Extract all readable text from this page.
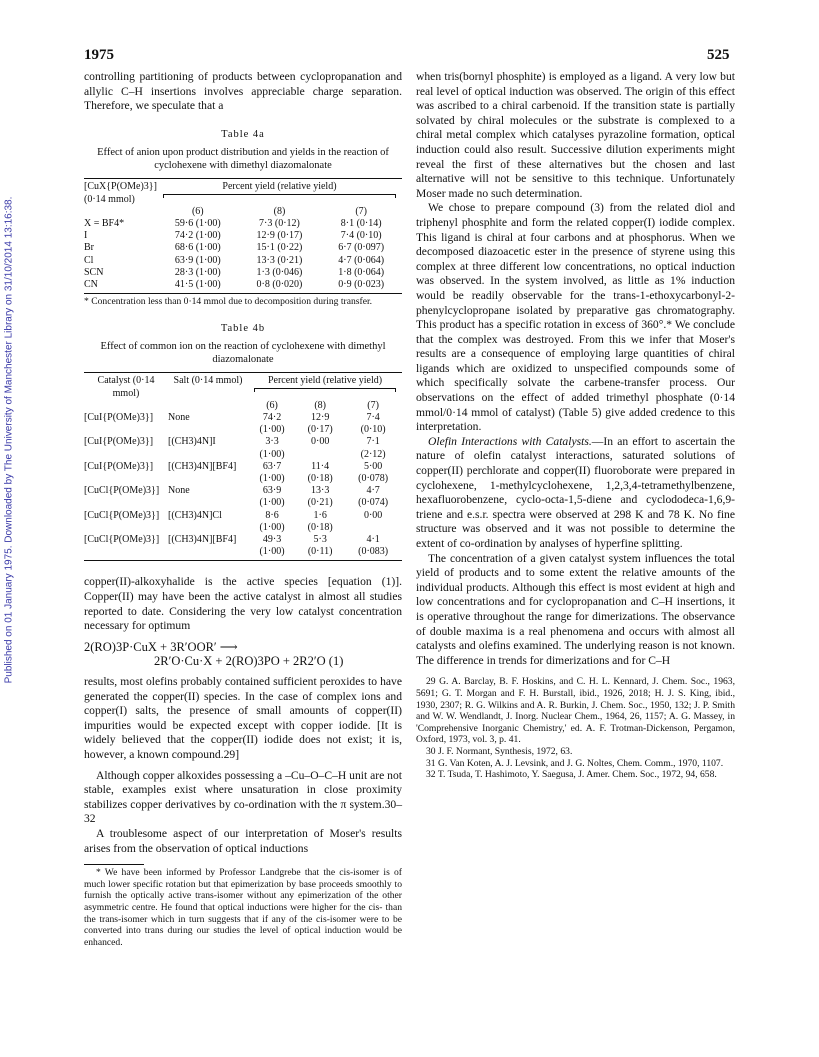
1975	525
Published on 01 January 1975. Downloaded by The University of Manchester Library on 31/10/2014 13:16:38.

controlling partitioning of products between cyclopropanation and allylic C–H insertions involves appreciable charge separation. Therefore, we speculate that a

Table 4a
Effect of anion upon product distribution and yields in the reaction of cyclohexene with dimethyl diazomalonate
[CuX{P(OMe)3}] (0·14 mmol)	Percent yield (relative yield)		

	(6)	(8)	(7)
X = BF4*	59·6 (1·00)	7·3 (0·12)	8·1 (0·14)
I	74·2 (1·00)	12·9 (0·17)	7·4 (0·10)
Br	68·6 (1·00)	15·1 (0·22)	6·7 (0·097)
Cl	63·9 (1·00)	13·3 (0·21)	4·7 (0·064)
SCN	28·3 (1·00)	1·3 (0·046)	1·8 (0·064)
CN	41·5 (1·00)	0·8 (0·020)	0·9 (0·023)

* Concentration less than 0·14 mmol due to decomposition during transfer.

Table 4b
Effect of common ion on the reaction of cyclohexene with dimethyl diazomalonate
Catalyst (0·14 mmol)	Salt (0·14 mmol)	Percent yield (relative yield)		

		(6)	(8)	(7)
[CuI{P(OMe)3}]	None	74·2	12·9	7·4
		(1·00)	(0·17)	(0·10)
[CuI{P(OMe)3}]	[(CH3)4N]I	3·3	0·00	7·1
		(1·00)		(2·12)
[CuI{P(OMe)3}]	[(CH3)4N][BF4]	63·7	11·4	5·00
		(1·00)	(0·18)	(0·078)
[CuCl{P(OMe)3}]	None	63·9	13·3	4·7
		(1·00)	(0·21)	(0·074)
[CuCl{P(OMe)3}]	[(CH3)4N]Cl	8·6	1·6	0·00
		(1·00)	(0·18)	
[CuCl{P(OMe)3}]	[(CH3)4N][BF4]	49·3	5·3	4·1
		(1·00)	(0·11)	(0·083)

copper(II)-alkoxyhalide is the active species [equation (1)]. Copper(II) may have been the active catalyst in almost all studies reported to date. Considering the very low catalyst concentration necessary for optimum

2(RO)3P·CuX + 3R′OOR′ ⟶
2R′O·Cu·X + 2(RO)3PO + 2R2′O (1)

results, most olefins probably contained sufficient peroxides to have generated the copper(II) species. In the case of complex ions and copper(I) salts, the presence of small amounts of copper(II) impurities would be expected except with copper iodide. [It is widely believed that the copper(II) iodide does not exist; it is, however, a known compound.29]

Although copper alkoxides possessing a –Cu–O–C–H unit are not stable, examples exist where unsaturation in close proximity stabilizes copper derivatives by co-ordination with the π system.30–32

A troublesome aspect of our interpretation of Moser's results arises from the observation of optical inductions

* We have been informed by Professor Landgrebe that the cis-isomer is of much lower specific rotation but that epimerization by base proceeds smoothly to furnish the optically active trans-isomer without any epimerization of the other asymmetric centre. He found that optical inductions were higher for the cis- than the trans-isomer which in turn suggests that if any of the cis-isomer were to be converted into trans during our studies the level of optical induction would be enhanced.

when tris(bornyl phosphite) is employed as a ligand. A very low but real level of optical induction was observed. The origin of this effect was ascribed to a chiral carbenoid. If the transition state is partially solvated by chiral molecules or the substrate is complexed to a chiral metal complex which catalyses pyrazoline formation, optical induction could also result. Successive dilution experiments might reveal the first of these alternatives but the chosen and last alternative will not be sensitive to this technique. Unfortunately Moser made no such determination.

We chose to prepare compound (3) from the related diol and triphenyl phosphite and form the related copper(I) iodide complex. This ligand is chiral at four carbons and at phosphorus. When we decomposed diazoacetic ester in the presence of styrene using this complex at three different low concentrations, no optical induction was observed. In the system involved, as little as 1% induction would be readily observable for the trans-1-ethoxycarbonyl-2-phenylcyclopropane isolated by preparative gas chromatography. This product has a specific rotation in excess of 360°.* We conclude that the complex was destroyed. From this we infer that Moser's results are a consequence of employing large quantities of chiral ligands which are oxidized to unspecified compounds some of which specifically solvate the carbene-transfer process. Our observations on the effect of added trimethyl phosphate (0·14 mmol/0·14 mmol of catalyst) (Table 5) give added credence to this interpretation.

Olefin Interactions with Catalysts.—In an effort to ascertain the nature of olefin catalyst interactions, saturated solutions of copper(II) perchlorate and copper(II) fluoroborate were prepared in cyclohexene, 1-methylcyclohexene, 1,2,3,4-tetramethylbenzene, hexafluorobenzene, cyclo-octa-1,5-diene and cyclododeca-1,6,9-triene and e.s.r. spectra were observed at 298 K and 78 K. No fine structure was observed and it was not possible to determine the extent of co-ordination by analyses of hyperfine splitting.

The concentration of a given catalyst system influences the total yield of products and to some extent the relative amounts of the individual products. Although this effect is most evident at high and low concentrations and for cyclopropanation and C–H insertions, it is operative throughout the range for dimerizations. The observance of double maxima is a real phenomena and occurs with almost all catalysts and olefins examined. The underlying reason is not known. The difference in trends for dimerizations and for C–H

29 G. A. Barclay, B. F. Hoskins, and C. H. L. Kennard, J. Chem. Soc., 1963, 5691; G. T. Morgan and F. H. Burstall, ibid., 1926, 2018; H. J. S. King, ibid., 1930, 2307; R. G. Wilkins and A. R. Burkin, J. Chem. Soc., 1950, 132; J. P. Smith and W. W. Wendlandt, J. Inorg. Nuclear Chem., 1964, 26, 1157; A. G. Massey, in 'Comprehensive Inorganic Chemistry,' ed. A. F. Trotman-Dickenson, Pergamon, Oxford, 1973, vol. 3, p. 41.

30 J. F. Normant, Synthesis, 1972, 63.

31 G. Van Koten, A. J. Levsink, and J. G. Noltes, Chem. Comm., 1970, 1107.

32 T. Tsuda, T. Hashimoto, Y. Saegusa, J. Amer. Chem. Soc., 1972, 94, 658.
